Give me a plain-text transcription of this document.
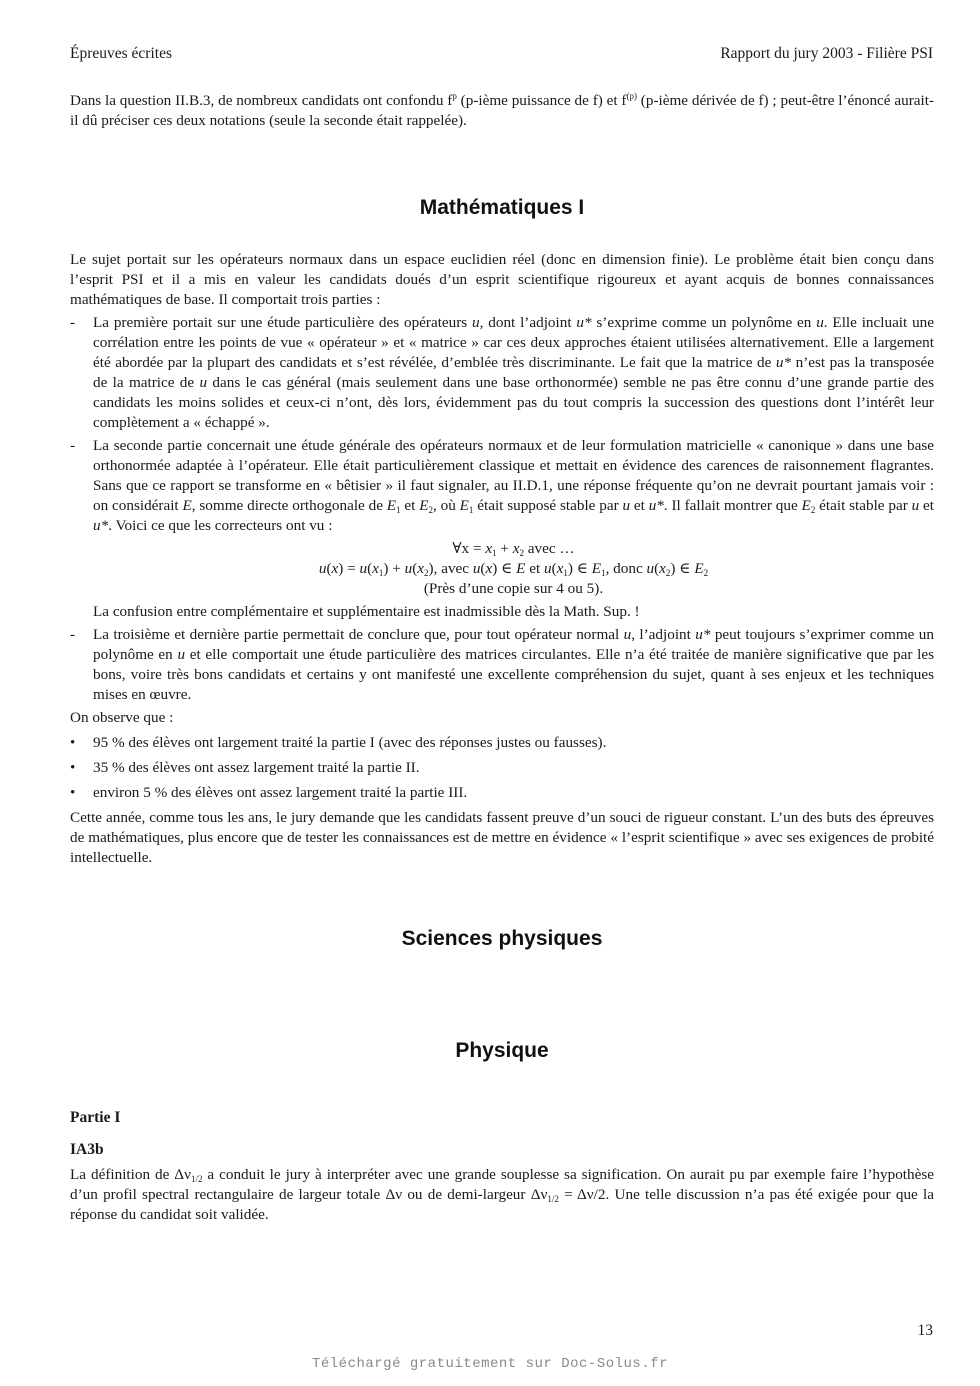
Épreuves écrites	Rapport du jury 2003 - Filière PSI

Dans la question II.B.3, de nombreux candidats ont confondu $f^p$ (p-ième puissance de f) et $f^{(p)}$ (p-ième dérivée de f) ; peut-être l’énoncé aurait-il dû préciser ces deux notations (seule la seconde était rappelée).

Mathématiques I

Le sujet portait sur les opérateurs normaux dans un espace euclidien réel (donc en dimension finie). Le problème était bien conçu dans l’esprit PSI et il a mis en valeur les candidats doués d’un esprit scientifique rigoureux et ayant acquis de bonnes connaissances mathématiques de base. Il comportait trois parties :

- La première portait sur une étude particulière des opérateurs u, dont l’adjoint u* s’exprime comme un polynôme en u. Elle incluait une corrélation entre les points de vue « opérateur » et « matrice » car ces deux approches étaient utilisées alternativement. Elle a largement été abordée par la plupart des candidats et s’est révélée, d’emblée très discriminante. Le fait que la matrice de u* n’est pas la transposée de la matrice de u dans le cas général (mais seulement dans une base orthonormée) semble ne pas être connu d’une grande partie des candidats les moins solides et ceux-ci n’ont, dès lors, évidemment pas du tout compris la succession des questions dont l’intérêt leur complètement a « échappé ».
- La seconde partie concernait une étude générale des opérateurs normaux et de leur formulation matricielle « canonique » dans une base orthonormée adaptée à l’opérateur. Elle était particulièrement classique et mettait en évidence des carences de raisonnement flagrantes. Sans que ce rapport se transforme en « bêtisier » il faut signaler, au II.D.1, une réponse fréquente qu’on ne devrait pourtant jamais voir : on considérait E, somme directe orthogonale de $E_1$ et $E_2$, où $E_1$ était supposé stable par u et u*. Il fallait montrer que $E_2$ était stable par u et u*. Voici ce que les correcteurs ont vu :
∀x = $x_1 + x_2$ avec …
$u(x) = u(x_1) + u(x_2)$, avec u(x) ∈ E et $u(x_1)$ ∈ $E_1$, donc $u(x_2)$ ∈ $E_2$
(Près d’une copie sur 4 ou 5).
La confusion entre complémentaire et supplémentaire est inadmissible dès la Math. Sup. !
- La troisième et dernière partie permettait de conclure que, pour tout opérateur normal u, l’adjoint u* peut toujours s’exprimer comme un polynôme en u et elle comportait une étude particulière des matrices circulantes. Elle n’a été traitée de manière significative que par les bons, voire très bons candidats et certains y ont manifesté une excellente compréhension du sujet, quant à ses enjeux et les techniques mises en œuvre.

On observe que :

• 95 % des élèves ont largement traité la partie I (avec des réponses justes ou fausses).
• 35 % des élèves ont assez largement traité la partie II.
• environ 5 % des élèves ont assez largement traité la partie III.

Cette année, comme tous les ans, le jury demande que les candidats fassent preuve d’un souci de rigueur constant. L’un des buts des épreuves de mathématiques, plus encore que de tester les connaissances est de mettre en évidence « l’esprit scientifique » avec ses exigences de probité intellectuelle.

Sciences physiques
Physique
Partie I
IA3b

La définition de $\Delta\nu_{1/2}$ a conduit le jury à interpréter avec une grande souplesse sa signification. On aurait pu par exemple faire l’hypothèse d’un profil spectral rectangulaire de largeur totale Δν ou de demi-largeur $\Delta\nu_{1/2} = \Delta\nu/2$. Une telle discussion n’a pas été exigée pour que la réponse du candidat soit validée.

13
Téléchargé gratuitement sur Doc-Solus.fr
